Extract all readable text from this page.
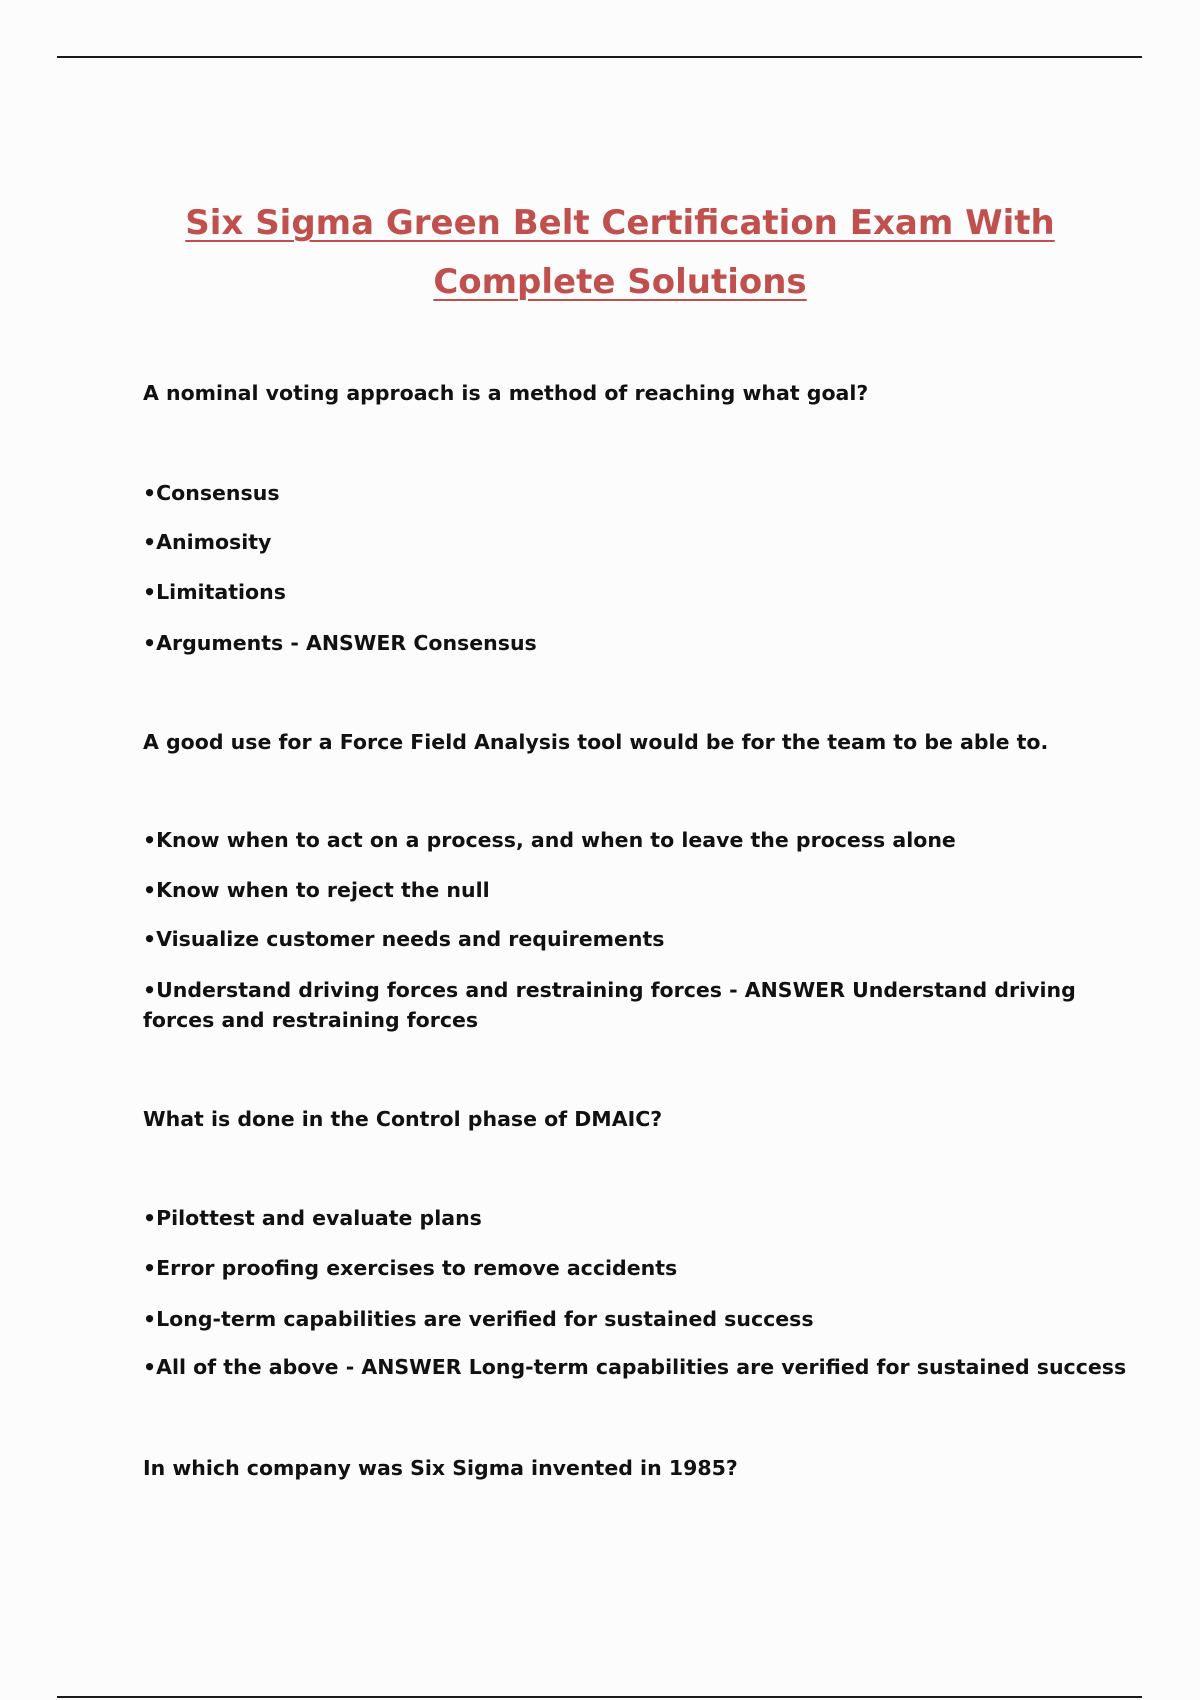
Six Sigma Green Belt Certification Exam With
Complete Solutions
A nominal voting approach is a method of reaching what goal?
•Consensus
•Animosity
•Limitations
•Arguments - ANSWER Consensus
A good use for a Force Field Analysis tool would be for the team to be able to.
•Know when to act on a process, and when to leave the process alone
•Know when to reject the null
•Visualize customer needs and requirements
•Understand driving forces and restraining forces - ANSWER Understand driving forces and restraining forces
What is done in the Control phase of DMAIC?
•Pilottest and evaluate plans
•Error proofing exercises to remove accidents
•Long-term capabilities are verified for sustained success
•All of the above - ANSWER Long-term capabilities are verified for sustained success
In which company was Six Sigma invented in 1985?
